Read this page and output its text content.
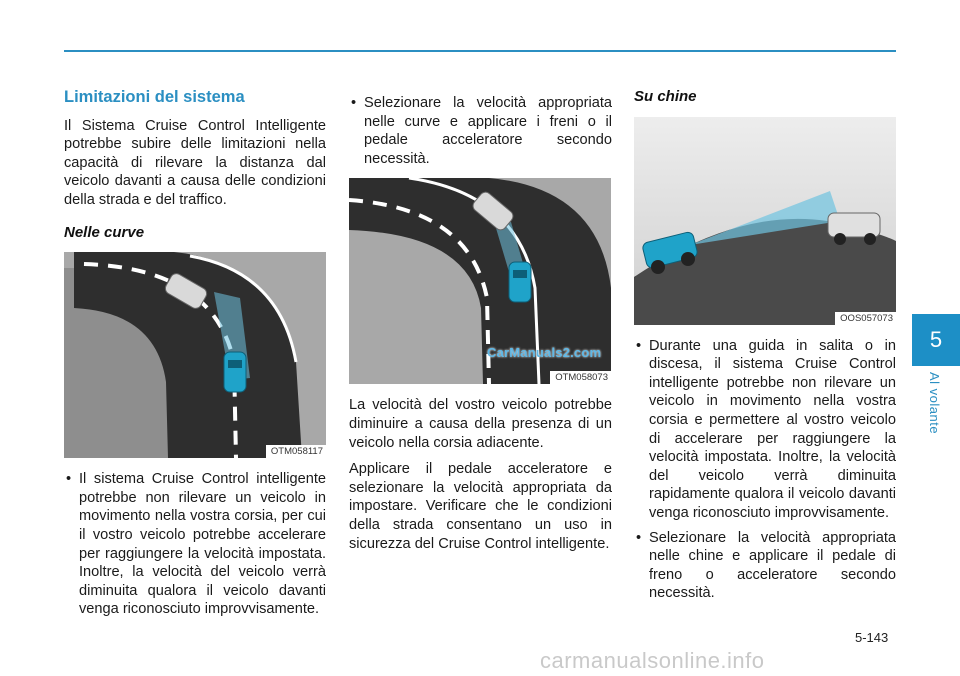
Limitazioni del sistema

Il Sistema Cruise Control Intelligente potrebbe subire delle limitazioni nella capacità di rilevare la distanza dal veicolo davanti a causa delle condizioni della strada e del traffico.

Nelle curve
OTM058117
• Il sistema Cruise Control intelligente potrebbe non rilevare un veicolo in movimento nella vostra corsia, per cui il vostro veicolo potrebbe accelerare per raggiungere la velocità impostata. Inoltre, la velocità del veicolo verrà diminuita qualora il veicolo davanti venga riconosciuto improvvisamente.
• Selezionare la velocità appropriata nelle curve e applicare i freni o il pedale acceleratore secondo necessità.
CarManuals2.com
OTM058073

La velocità del vostro veicolo potrebbe diminuire a causa della presenza di un veicolo nella corsia adiacente.

Applicare il pedale acceleratore e selezionare la velocità appropriata da impostare. Verificare che le condizioni della strada consentano un uso in sicurezza del Cruise Control intelligente.

Su chine
OOS057073
• Durante una guida in salita o in discesa, il sistema Cruise Control intelligente potrebbe non rilevare un veicolo in movimento nella vostra corsia e permettere al vostro veicolo di accelerare per raggiungere la velocità impostata. Inoltre, la velocità del veicolo verrà diminuita rapidamente qualora il veicolo davanti venga riconosciuto improvvisamente.
• Selezionare la velocità appropriata nelle chine e applicare il pedale di freno o acceleratore secondo necessità.
5
Al volante
5-143
carmanualsonline.info
